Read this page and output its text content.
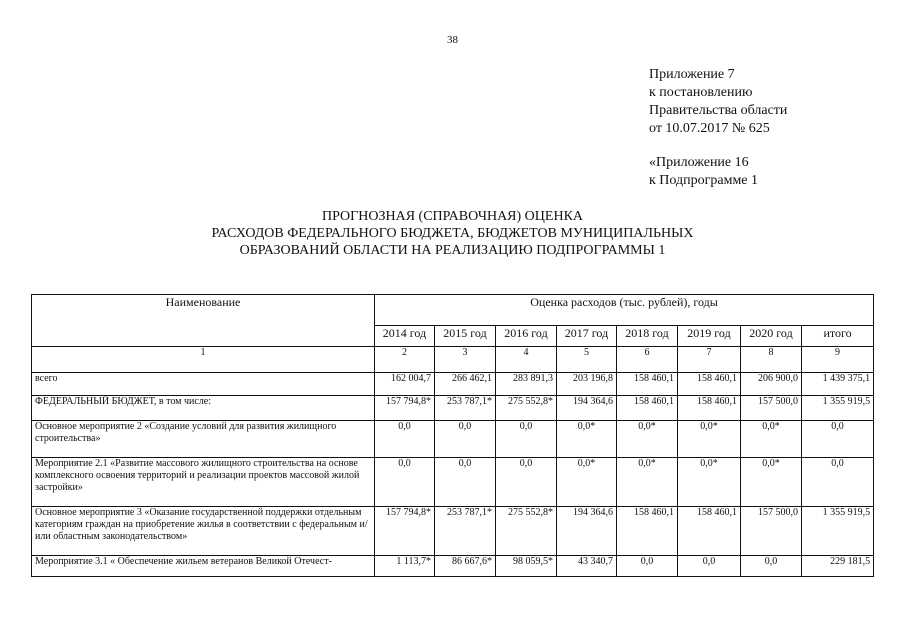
38
Приложение 7
к постановлению
Правительства области
от 10.07.2017 № 625
«Приложение 16
к Подпрограмме 1
ПРОГНОЗНАЯ (СПРАВОЧНАЯ) ОЦЕНКА
РАСХОДОВ ФЕДЕРАЛЬНОГО БЮДЖЕТА, БЮДЖЕТОВ МУНИЦИПАЛЬНЫХ
ОБРАЗОВАНИЙ ОБЛАСТИ НА РЕАЛИЗАЦИЮ ПОДПРОГРАММЫ 1
Наименование	Оценка расходов (тыс. рублей), годы							
	2014 год	2015 год	2016 год	2017 год	2018 год	2019 год	2020 год	итого
1	2	3	4	5	6	7	8	9
всего	162 004,7	266 462,1	283 891,3	203 196,8	158 460,1	158 460,1	206 900,0	1 439 375,1
ФЕДЕРАЛЬНЫЙ БЮДЖЕТ, в том числе:	157 794,8*	253 787,1*	275 552,8*	194 364,6	158 460,1	158 460,1	157 500,0	1 355 919,5
Основное мероприятие 2 «Создание условий для развития жилищного строительства»	0,0	0,0	0,0	0,0*	0,0*	0,0*	0,0*	0,0
Мероприятие 2.1 «Развитие массового жилищного строительства на основе комплексного освоения территорий и реализации проектов массовой жилой застройки»	0,0	0,0	0,0	0,0*	0,0*	0,0*	0,0*	0,0
Основное мероприятие 3 «Оказание государственной поддержки отдельным категориям граждан на приобретение жилья в соответствии с федеральным и/или областным законодательством»	157 794,8*	253 787,1*	275 552,8*	194 364,6	158 460,1	158 460,1	157 500,0	1 355 919,5
Мероприятие 3.1 « Обеспечение жильем ветеранов Великой Отечест-	1 113,7*	86 667,6*	98 059,5*	43 340,7	0,0	0,0	0,0	229 181,5
